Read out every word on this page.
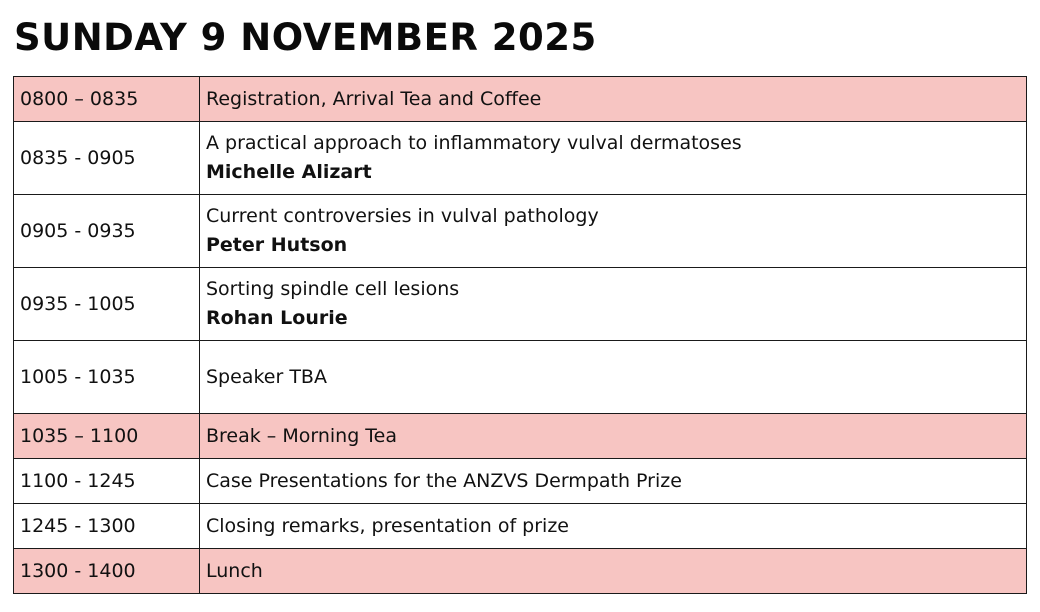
SUNDAY 9 NOVEMBER 2025
0800 – 0835	Registration, Arrival Tea and Coffee

0835 - 0905	A practical approach to inflammatory vulval dermatoses
Michelle Alizart

0905 - 0935	Current controversies in vulval pathology
Peter Hutson

0935 - 1005	Sorting spindle cell lesions
Rohan Lourie

1005 - 1035	Speaker TBA

1035 – 1100	Break – Morning Tea

1100 - 1245	Case Presentations for the ANZVS Dermpath Prize

1245 - 1300	Closing remarks, presentation of prize

1300 - 1400	Lunch
